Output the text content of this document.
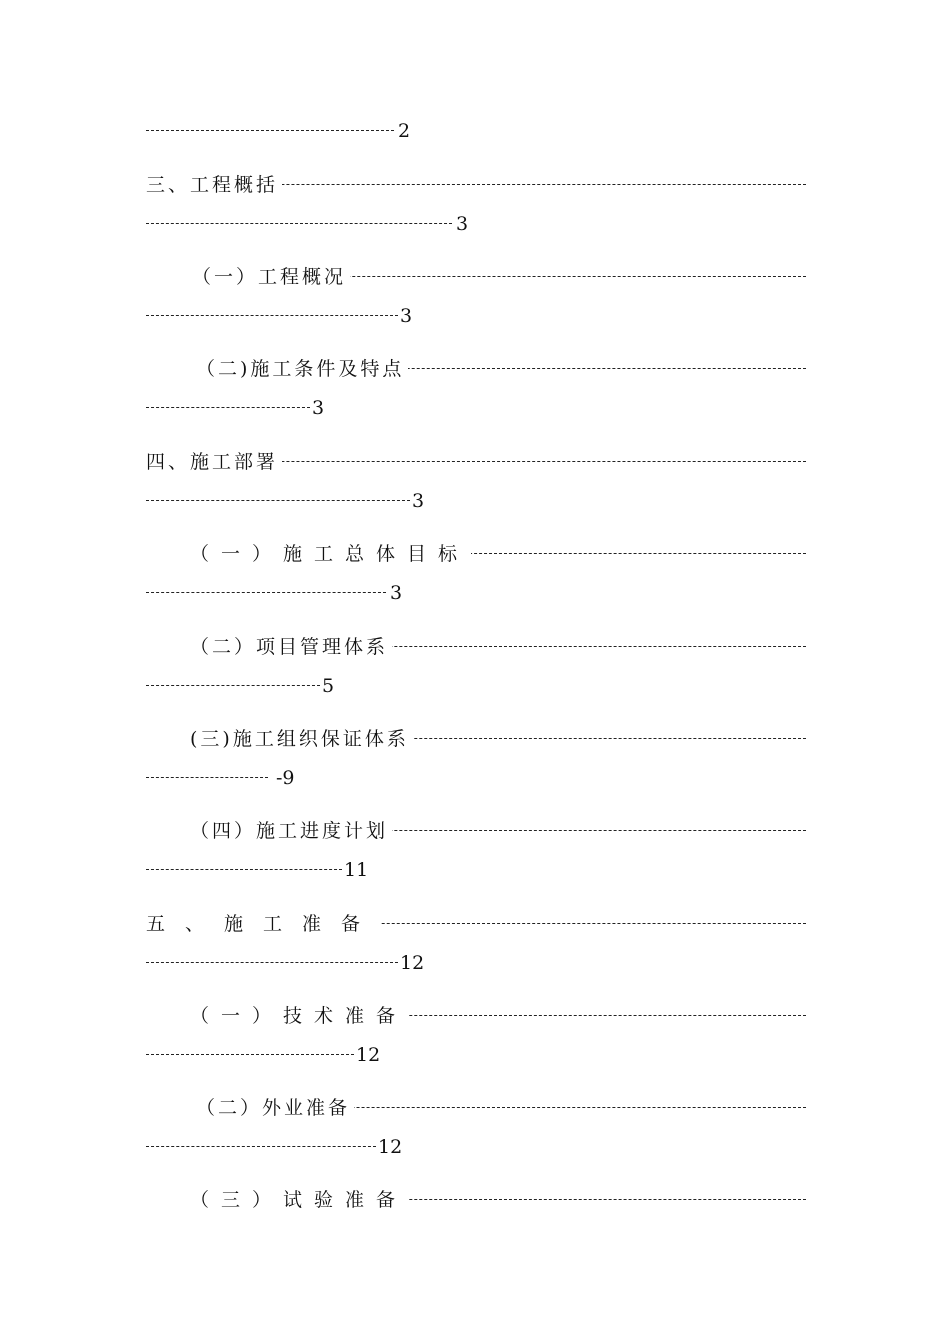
2
三、工程概括
3
（一）工程概况
3
（二)施工条件及特点
3
四、施工部署
3
（一）施工总体目标
3
（二）项目管理体系
5
(三)施工组织保证体系
-9
（四）施工进度计划
11
五、施工准备
12
（一）技术准备
12
（二）外业准备
12
（三）试验准备
